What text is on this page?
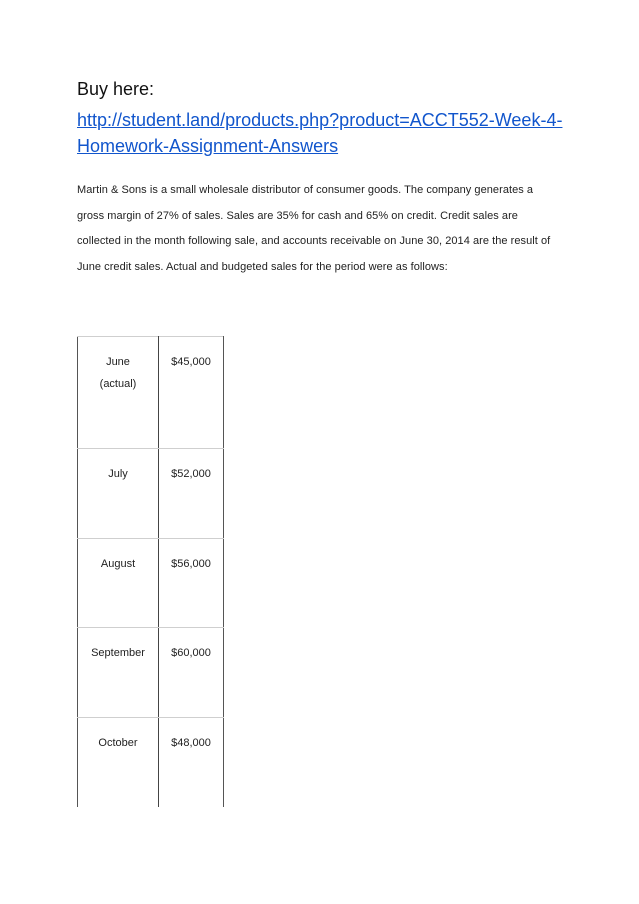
Buy here:
http://student.land/products.php?product=ACCT552-Week-4-Homework-Assignment-Answers
Martin & Sons is a small wholesale distributor of consumer goods. The company generates a
gross margin of 27% of sales. Sales are 35% for cash and 65% on credit. Credit sales are
collected in the month following sale, and accounts receivable on June 30, 2014 are the result of
June credit sales. Actual and budgeted sales for the period were as follows:
June
(actual)	$45,000

July	$52,000

August	$56,000

September	$60,000

October	$48,000
